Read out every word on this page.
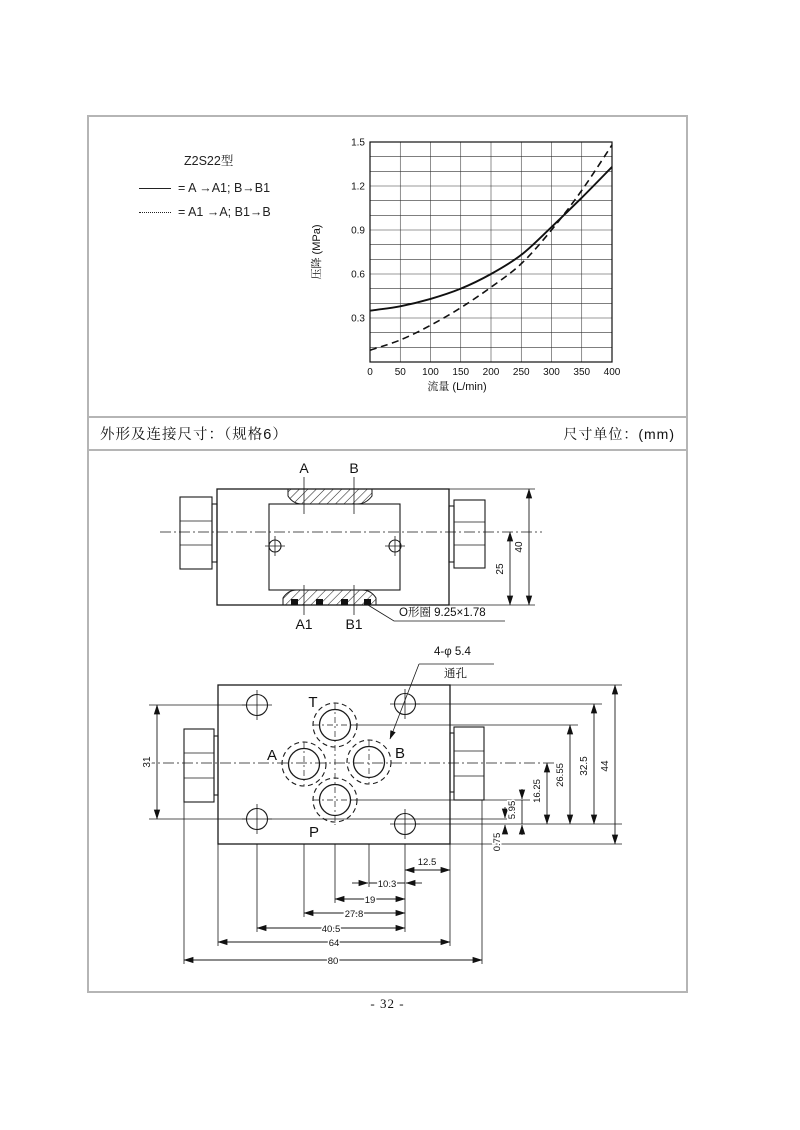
Z2S22型
= A →A1; B→B1
= A1 →A; B1→B
0 50 100 150 200 250 300 350 400
0.3
0.6
0.9
1.2
1.5
流量 (L/min)
压降 (MPa)
外形及连接尺寸：（规格6）	尺寸单位：(mm)
A	B
A1 B1
O形圈 9.25×1.78
25
40
T
A	B
P
4-φ 5.4
通孔
31
0.75
5.95
16.25
26.55 32.5 44
12.5
10.3
19
27.8
40.5
64
80
- 32 -
